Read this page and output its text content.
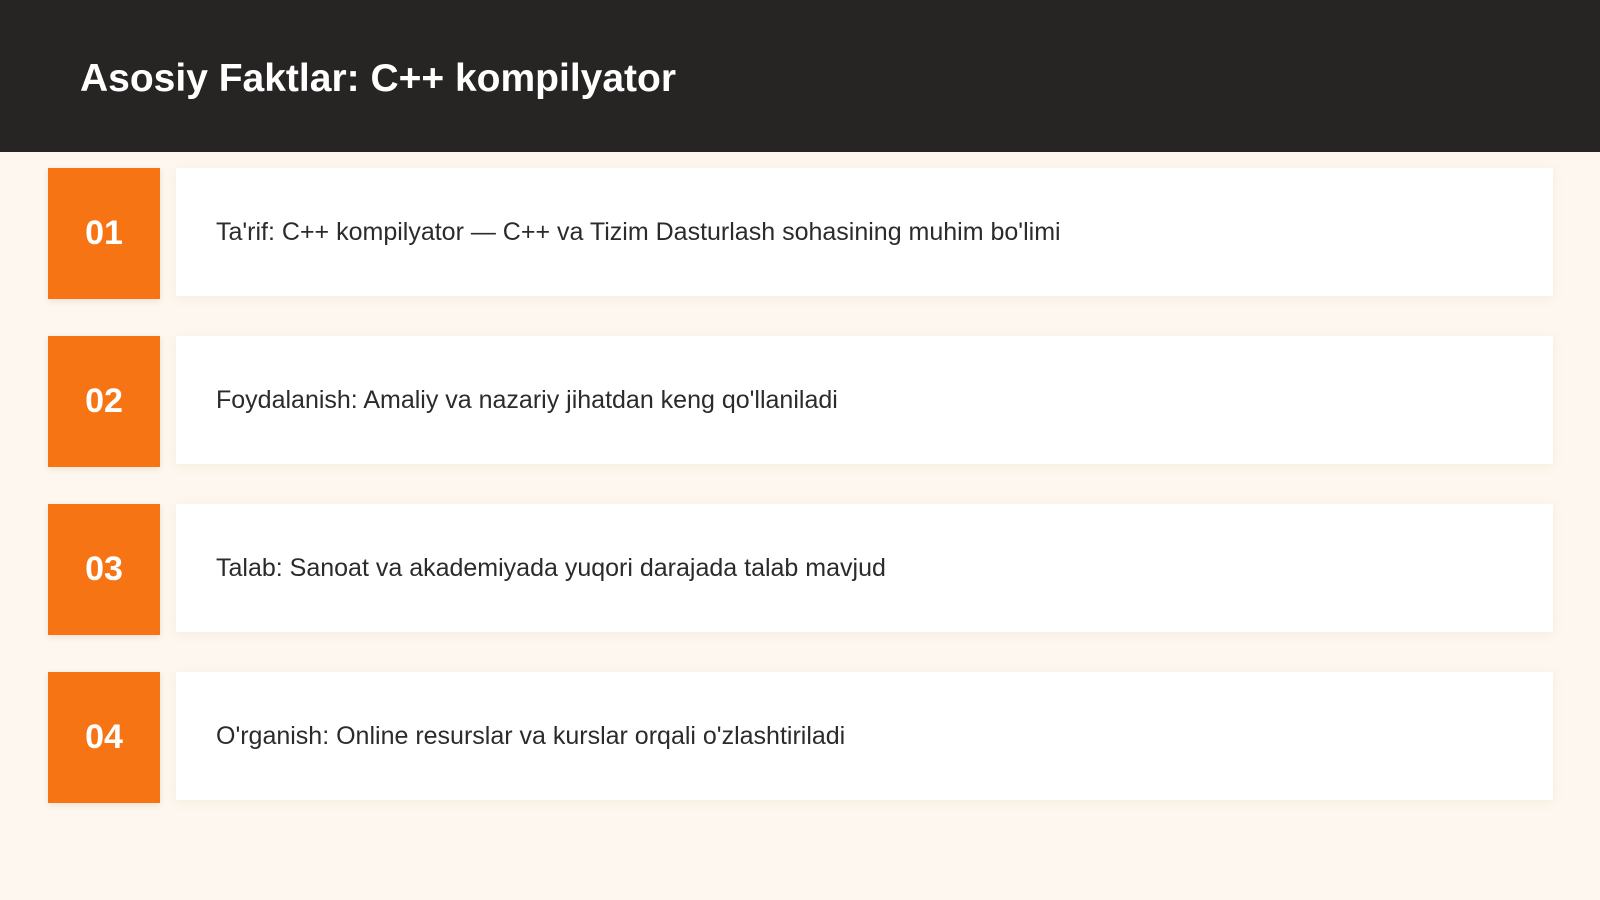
Asosiy Faktlar: C++ kompilyator
01	Ta'rif: C++ kompilyator — C++ va Tizim Dasturlash sohasining muhim bo'limi
02	Foydalanish: Amaliy va nazariy jihatdan keng qo'llaniladi
03	Talab: Sanoat va akademiyada yuqori darajada talab mavjud
04	O'rganish: Online resurslar va kurslar orqali o'zlashtiriladi
